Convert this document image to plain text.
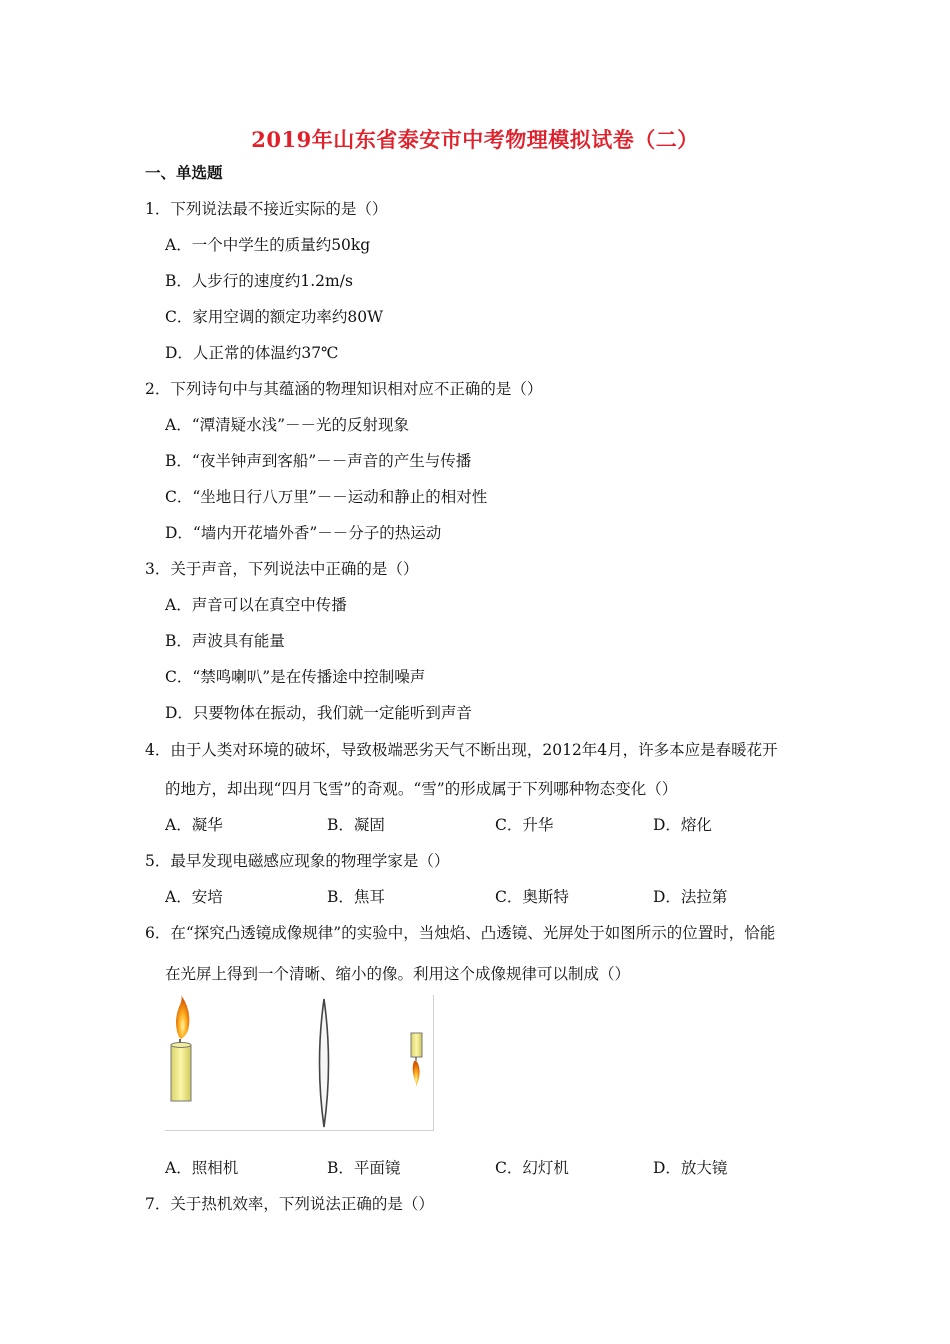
2019年山东省泰安市中考物理模拟试卷（二）
一、单选题
1．下列说法最不接近实际的是（）
A．一个中学生的质量约50kg
B．人步行的速度约1.2m/s
C．家用空调的额定功率约80W
D．人正常的体温约37℃
2．下列诗句中与其蕴涵的物理知识相对应不正确的是（）
A．“潭清疑水浅”－－光的反射现象
B．“夜半钟声到客船”－－声音的产生与传播
C．“坐地日行八万里”－－运动和静止的相对性
D．“墙内开花墙外香”－－分子的热运动
3．关于声音，下列说法中正确的是（）
A．声音可以在真空中传播
B．声波具有能量
C．“禁鸣喇叭”是在传播途中控制噪声
D．只要物体在振动，我们就一定能听到声音
4．由于人类对环境的破坏，导致极端恶劣天气不断出现，2012年4月，许多本应是春暖花开
的地方，却出现“四月飞雪”的奇观。“雪”的形成属于下列哪种物态变化（）
A．凝华	B．凝固	C．升华	D．熔化
5．最早发现电磁感应现象的物理学家是（）
A．安培	B．焦耳	C．奥斯特	D．法拉第
6．在“探究凸透镜成像规律”的实验中，当烛焰、凸透镜、光屏处于如图所示的位置时，恰能
在光屏上得到一个清晰、缩小的像。利用这个成像规律可以制成（）
A．照相机	B．平面镜	C．幻灯机	D．放大镜
7．关于热机效率，下列说法正确的是（）
